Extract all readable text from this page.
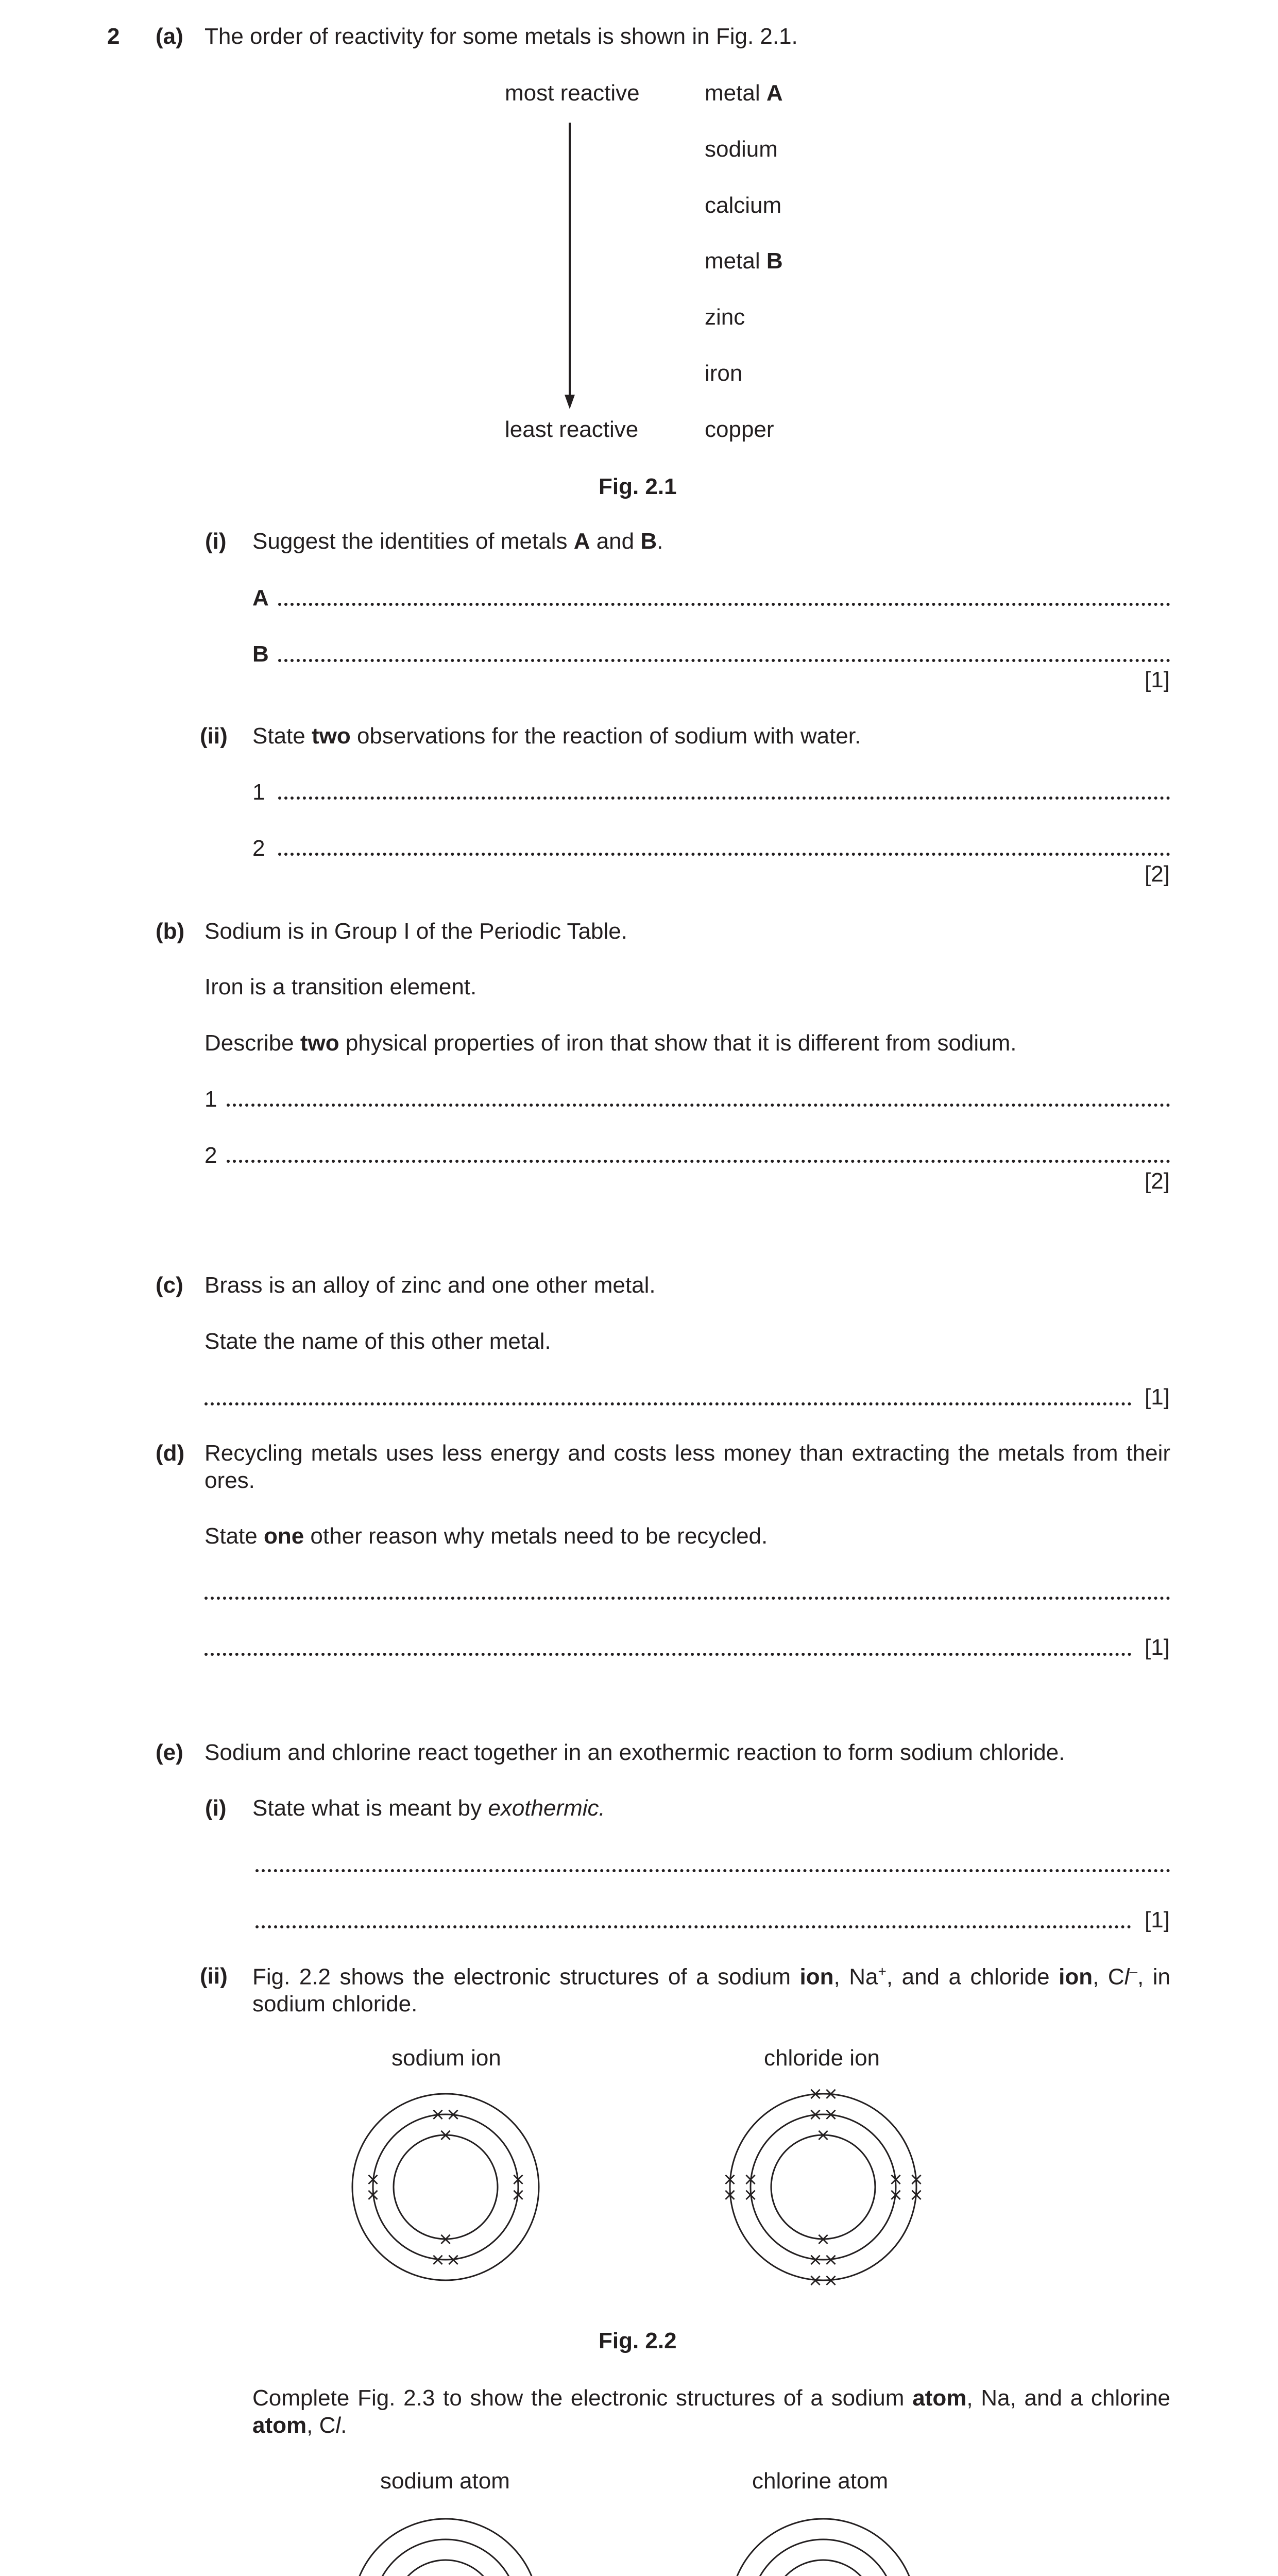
2 (a) The order of reactivity for some metals is shown in Fig. 2.1.
most reactive
least reactive
metal A
sodium
calcium
metal B
zinc
iron
copper
Fig. 2.1
(i) Suggest the identities of metals A and B.
A
B
[1]
(ii) State two observations for the reaction of sodium with water.
1
2
[2]
(b) Sodium is in Group I of the Periodic Table.
Iron is a transition element.
Describe two physical properties of iron that show that it is different from sodium.
1
2
[2]
(c) Brass is an alloy of zinc and one other metal.
State the name of this other metal.
[1]
(d) Recycling metals uses less energy and costs less money than extracting the metals from their ores.
State one other reason why metals need to be recycled.
[1]
(e) Sodium and chlorine react together in an exothermic reaction to form sodium chloride.
(i) State what is meant by exothermic.
[1]
(ii) Fig. 2.2 shows the electronic structures of a sodium ion, Na+, and a chloride ion, Cl–, in sodium chloride.
sodium ion	chloride ion
×
×
× ×
× ×
×
×
×
×
×
×
× ×
× ×
×
×
×
×
× ×
× ×
×
×
×
×
Fig. 2.2
Complete Fig. 2.3 to show the electronic structures of a sodium atom, Na, and a chlorine atom, Cl.
sodium atom	chlorine atom
